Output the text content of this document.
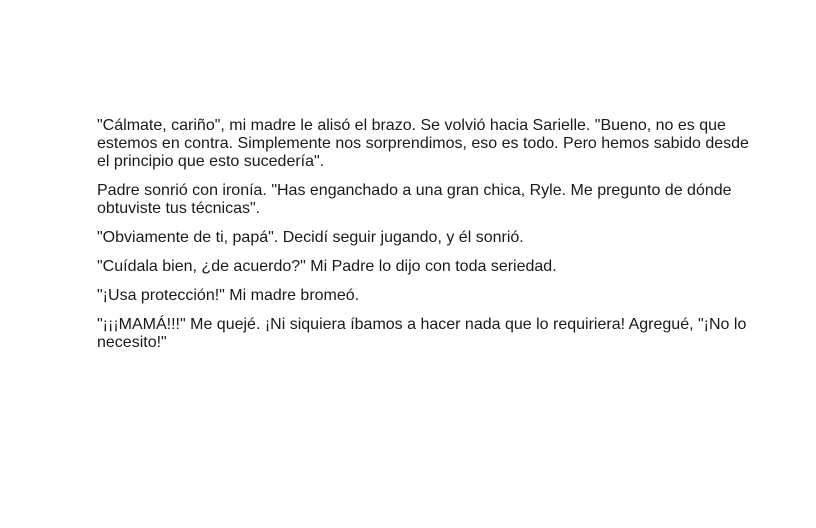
"Cálmate, cariño", mi madre le alisó el brazo. Se volvió hacia Sarielle. "Bueno, no es que estemos en contra. Simplemente nos sorprendimos, eso es todo. Pero hemos sabido desde el principio que esto sucedería".

Padre sonrió con ironía. "Has enganchado a una gran chica, Ryle. Me pregunto de dónde obtuviste tus técnicas".

"Obviamente de ti, papá". Decidí seguir jugando, y él sonrió.

"Cuídala bien, ¿de acuerdo?" Mi Padre lo dijo con toda seriedad.

"¡Usa protección!" Mi madre bromeó.

"¡¡¡MAMÁ!!!" Me quejé. ¡Ni siquiera íbamos a hacer nada que lo requiriera! Agregué, "¡No lo necesito!"
